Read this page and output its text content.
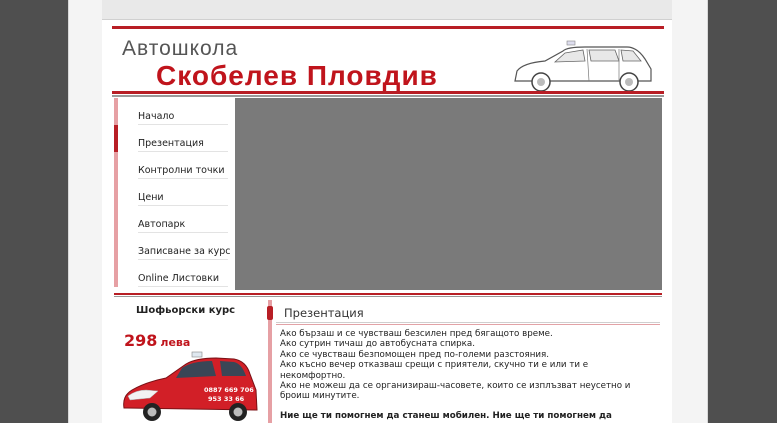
Автошкола
Скобелев Пловдив
Начало
Презентация
Контролни точки
Цени
Автопарк
Записване за курс
Online Листовки
Шофьорски курс
298 лева
0887 669 706
953 33 66
Презентация
Ако бързаш и се чувстваш безсилен пред бягащото време.
Ако сутрин тичаш до автобусната спирка.
Ако се чувстваш безпомощен пред по-големи разстояния.
Ако късно вечер отказваш срещи с приятели, скучно ти е или ти е
некомфортно.
Ако не можеш да се организираш-часовете, които се изплъзват неусетно и
броиш минутите.
Ние ще ти помогнем да станеш мобилен. Ние ще ти помогнем да
